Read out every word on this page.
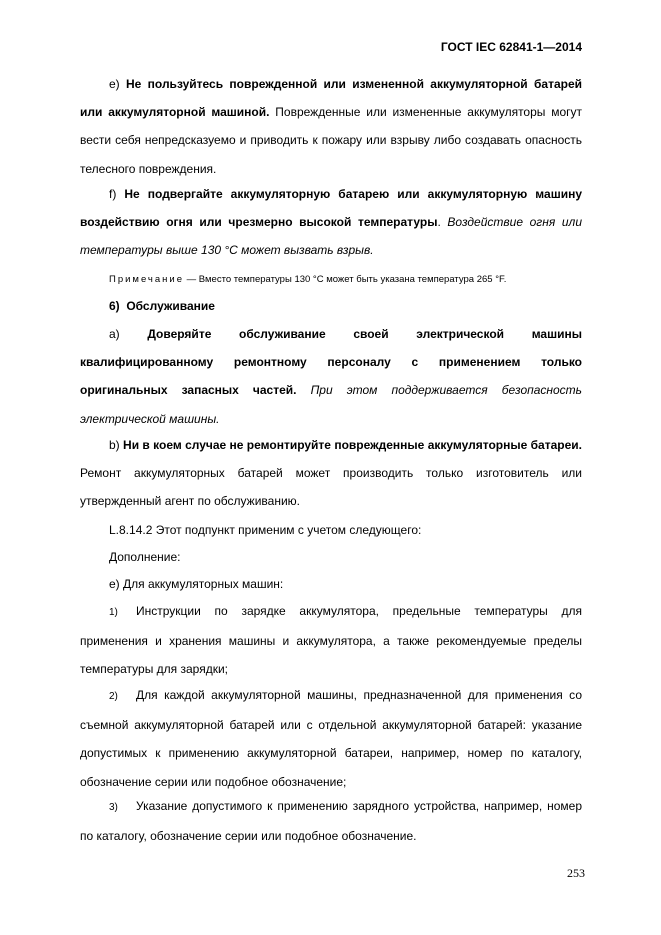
ГОСТ IEC 62841-1—2014

е) Не пользуйтесь поврежденной или измененной аккумуляторной батарей или аккумуляторной машиной. Поврежденные или измененные аккумуляторы могут вести себя непредсказуемо и приводить к пожару или взрыву либо создавать опасность телесного повреждения.

f) Не подвергайте аккумуляторную батарею или аккумуляторную машину воздействию огня или чрезмерно высокой температуры. Воздействие огня или температуры выше 130 °С может вызвать взрыв.

Примечание — Вместо температуры 130 °С может быть указана температура 265 °F.

6) Обслуживание

a) Доверяйте обслуживание своей электрической машины квалифицированному ремонтному персоналу с применением только оригинальных запасных частей. При этом поддерживается безопасность электрической машины.

b) Ни в коем случае не ремонтируйте поврежденные аккумуляторные батареи. Ремонт аккумуляторных батарей может производить только изготовитель или утвержденный агент по обслуживанию.

L.8.14.2 Этот подпункт применим с учетом следующего:

Дополнение:

е) Для аккумуляторных машин:

1) Инструкции по зарядке аккумулятора, предельные температуры для применения и хранения машины и аккумулятора, а также рекомендуемые пределы температуры для зарядки;

2) Для каждой аккумуляторной машины, предназначенной для применения со съемной аккумуляторной батарей или с отдельной аккумуляторной батарей: указание допустимых к применению аккумуляторной батареи, например, номер по каталогу, обозначение серии или подобное обозначение;

3) Указание допустимого к применению зарядного устройства, например, номер по каталогу, обозначение серии или подобное обозначение.

253
